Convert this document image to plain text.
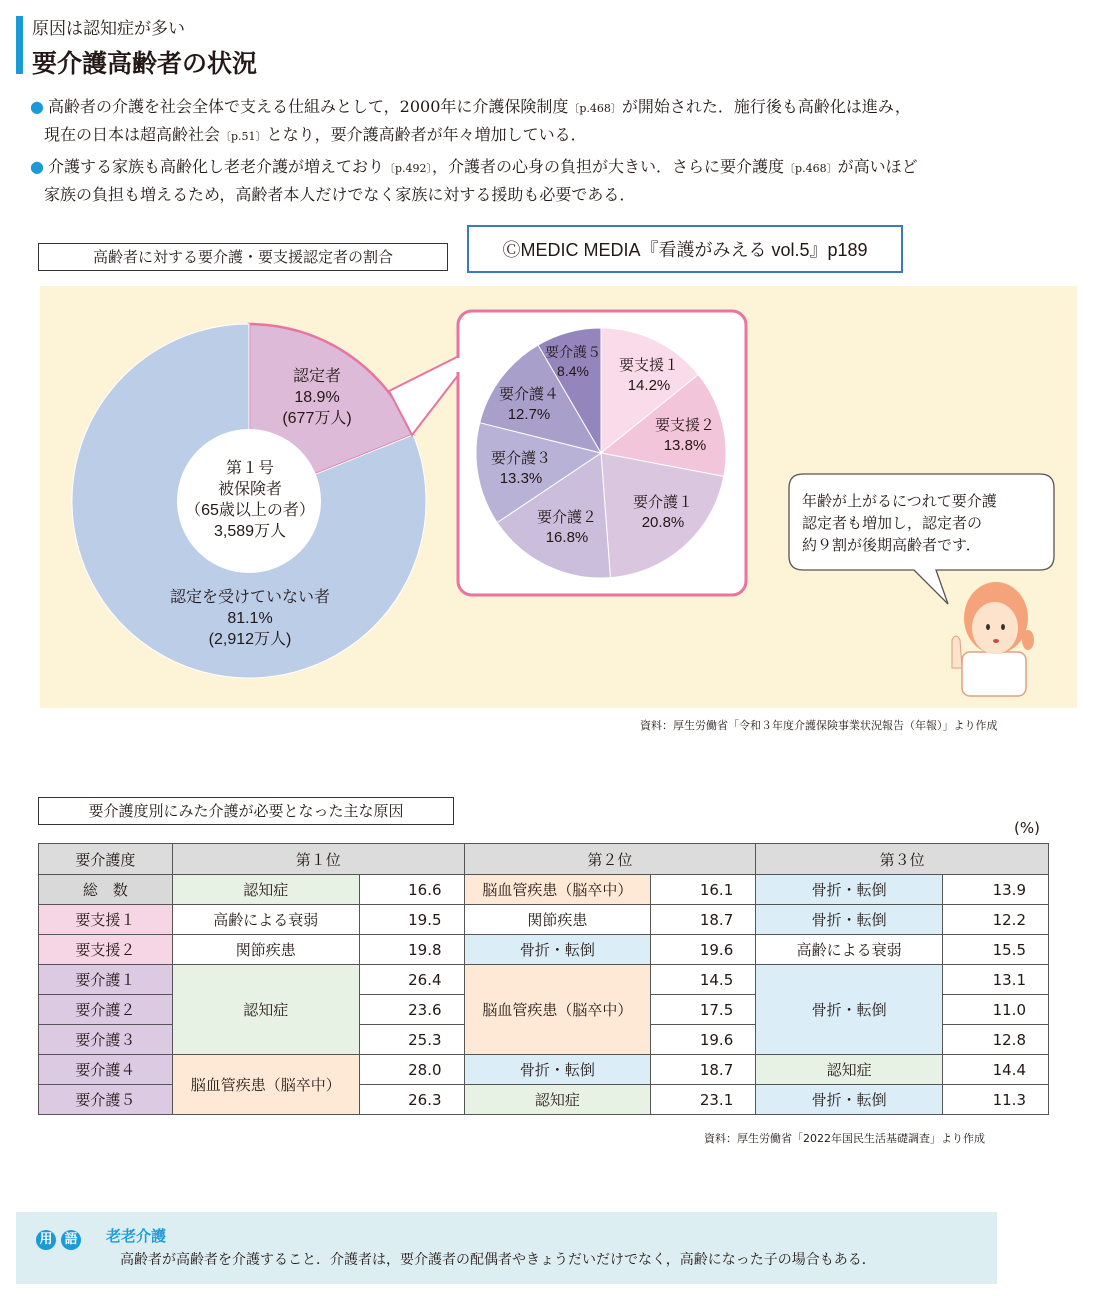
原因は認知症が多い
要介護高齢者の状況
● 高齢者の介護を社会全体で支える仕組みとして，2000年に介護保険制度〔p.468〕が開始された．施行後も高齢化は進み，
現在の日本は超高齢社会〔p.51〕となり，要介護高齢者が年々増加している．
● 介護する家族も高齢化し老老介護が増えており〔p.492〕，介護者の心身の負担が大きい．さらに要介護度〔p.468〕が高いほど
家族の負担も増えるため，高齢者本人だけでなく家族に対する援助も必要である．
高齢者に対する要介護・要支援認定者の割合	ⒸMEDIC MEDIA『看護がみえる vol.5』p189
認定者
18.9%
(677万人)
第１号
被保険者
（65歳以上の者）
3,589万人
認定を受けていない者
81.1%
(2,912万人)
要支援１
14.2%
要支援２
13.8%
要介護１
20.8%
要介護２
16.8%
要介護３
13.3%
要介護４
12.7%
要介護５
8.4%
年齢が上がるにつれて要介護
認定者も増加し，認定者の
約９割が後期高齢者です．
資料：厚生労働省「令和３年度介護保険事業状況報告（年報）」より作成
要介護度別にみた介護が必要となった主な原因
(%)
要介護度	第１位		第２位		第３位	
総　数	認知症	16.6	脳血管疾患（脳卒中）	16.1	骨折・転倒	13.9
要支援１	高齢による衰弱	19.5	関節疾患	18.7	骨折・転倒	12.2
要支援２	関節疾患	19.8	骨折・転倒	19.6	高齢による衰弱	15.5
要介護１	認知症	26.4	脳血管疾患（脳卒中）	14.5	骨折・転倒	13.1
要介護２		23.6		17.5		11.0
要介護３		25.3		19.6		12.8
要介護４	脳血管疾患（脳卒中）	28.0	骨折・転倒	18.7	認知症	14.4
要介護５		26.3	認知症	23.1	骨折・転倒	11.3
資料：厚生労働省「2022年国民生活基礎調査」より作成
用 語 老老介護
高齢者が高齢者を介護すること．介護者は，要介護者の配偶者やきょうだいだけでなく，高齢になった子の場合もある．
